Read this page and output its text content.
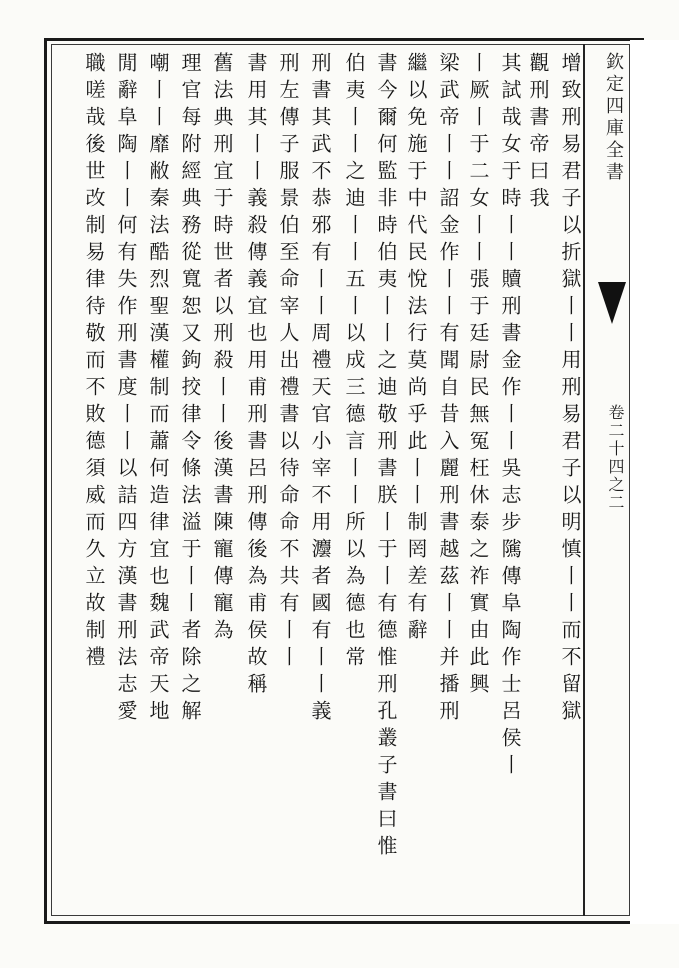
欽定四庫全書
卷二十四之二
增致刑易君子以折獄丨丨用刑易君子以明慎丨丨而不留獄
觀刑書帝曰我
其試哉女于時丨丨贖刑書金作丨丨吳志步隲傳阜陶作士呂侯丨
丨厥丨于二女丨丨張于廷尉民無冤枉休泰之祚實由此興
梁武帝丨丨詔金作丨丨有聞自昔入麗刑書越茲丨丨并播刑
繼以免施于中代民悅法行莫尚乎此丨丨制罔差有辭
書今爾何監非時伯夷丨丨之迪敬刑書朕丨于丨有德惟刑孔叢子書曰惟
伯夷丨丨之迪丨丨五丨以成三德言丨丨所以為德也常
刑書其武不恭邪有丨丨周禮天官小宰不用灋者國有丨丨義
刑左傳子服景伯至命宰人出禮書以待命命不共有丨丨
書用其丨丨義殺傳義宜也用甫刑書呂刑傳後為甫侯故稱
舊法典刑宜于時世者以刑殺丨丨後漢書陳寵傳寵為
理官每附經典務從寬恕又鉤挍律令條法溢于丨丨者除之解
嘲丨丨靡敝秦法酷烈聖漢權制而蕭何造律宜也魏武帝天地
閒辭阜陶丨丨何有失作刑書度丨丨以詰四方漢書刑法志愛
職嗟哉後世改制易律待敬而不敗德須威而久立故制禮
